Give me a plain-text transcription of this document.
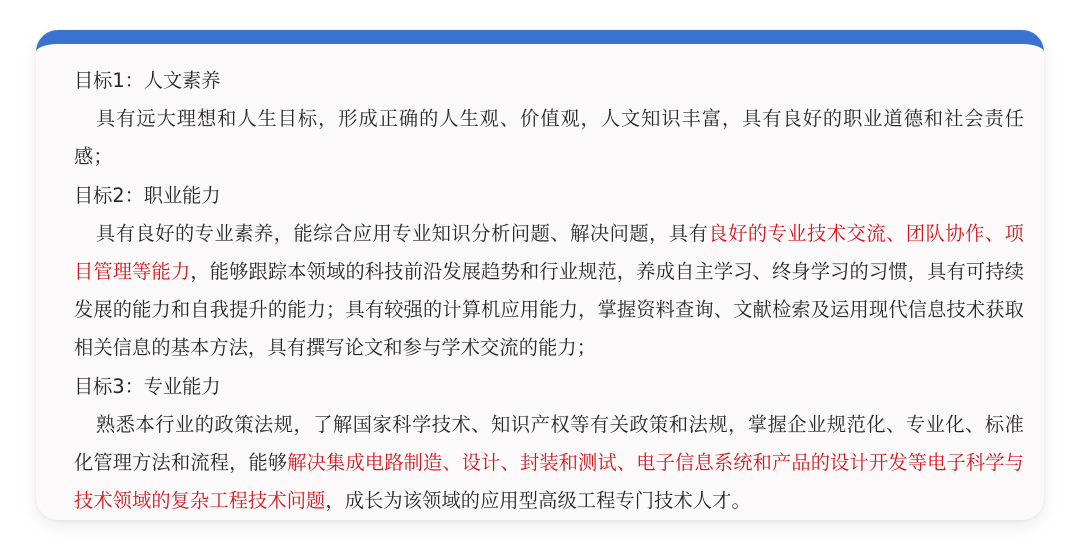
目标1：人文素养

具有远大理想和人生目标，形成正确的人生观、价值观，人文知识丰富，具有良好的职业道德和社会责任感；

目标2：职业能力

具有良好的专业素养，能综合应用专业知识分析问题、解决问题，具有良好的专业技术交流、团队协作、项目管理等能力，能够跟踪本领域的科技前沿发展趋势和行业规范，养成自主学习、终身学习的习惯，具有可持续发展的能力和自我提升的能力；具有较强的计算机应用能力，掌握资料查询、文献检索及运用现代信息技术获取相关信息的基本方法，具有撰写论文和参与学术交流的能力；

目标3：专业能力

熟悉本行业的政策法规，了解国家科学技术、知识产权等有关政策和法规，掌握企业规范化、专业化、标准化管理方法和流程，能够解决集成电路制造、设计、封装和测试、电子信息系统和产品的设计开发等电子科学与技术领域的复杂工程技术问题，成长为该领域的应用型高级工程专门技术人才。
